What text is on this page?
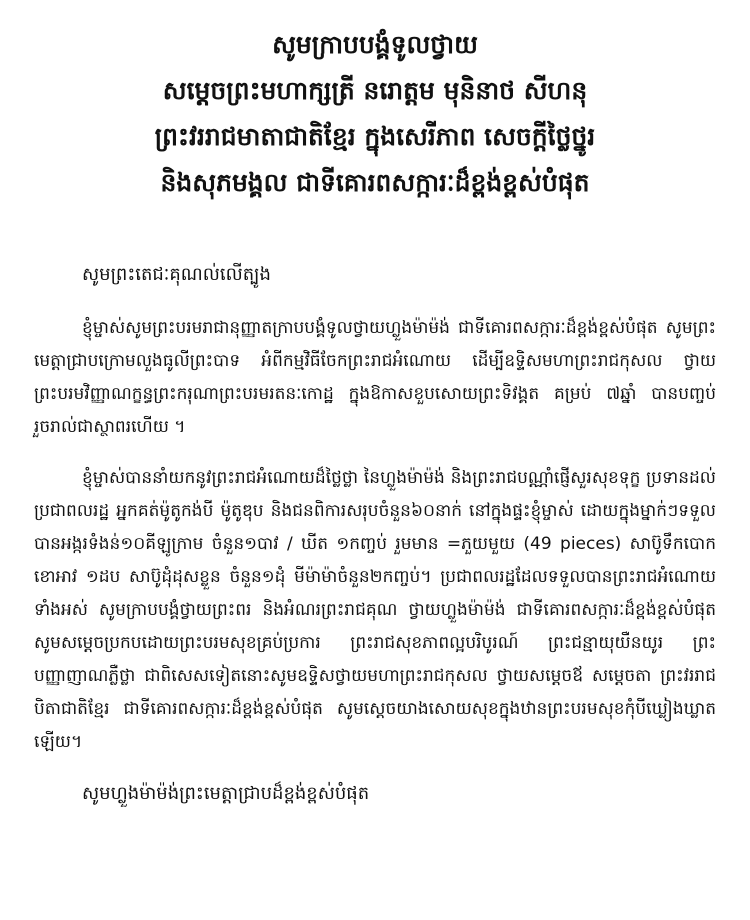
សូមក្រាបបង្គំទូលថ្វាយ
សម្តេចព្រះមហាក្សត្រី នរោត្តម មុនិនាថ សីហនុ
ព្រះវររាជមាតាជាតិខ្មែរ ក្នុងសេរីភាព សេចក្តីថ្លៃថ្នូរ
និងសុភមង្គល ជាទីគោរពសក្ការៈដ៏ខ្ពង់ខ្ពស់បំផុត
សូមព្រះតេជៈគុណល់លើត្បូង
ខ្ញុំម្ចាស់សូមព្រះបរមរាជានុញ្ញាតក្រាបបង្គំទូលថ្វាយហ្លួងម៉ាម៉ង់ ជាទីគោរពសក្ការៈដ៏ខ្ពង់ខ្ពស់បំផុត សូមព្រះមេត្តាជ្រាបក្រោមលួងធូលីព្រះបាទ អំពីកម្មវិធីចែកព្រះរាជអំណោយ ដើម្បីឧទ្ទិសមហាព្រះរាជកុសល ថ្វាយព្រះបរមវិញ្ញាណក្ខន្ធព្រះករុណាព្រះបរមរតនៈកោដ្ឋ ក្នុងឱកាសខួបសោយព្រះទិវង្គត គម្រប់ ៧ឆ្នាំ បានបញ្ចប់រួចរាល់ជាស្ថាពរហើយ ។
ខ្ញុំម្ចាស់បាននាំយកនូវព្រះរាជអំណោយដ៏ថ្លៃថ្លា នៃហ្លួងម៉ាម៉ង់ និងព្រះរាជបណ្ណាំផ្ញើសួរសុខទុក្ខ ប្រទានដល់ប្រជាពលរដ្ឋ អ្នកគត់ម៉ូតូកង់បី ម៉ូតូឌុប និងជនពិការសរុបចំនួន៦០នាក់ នៅក្នុងផ្ទះខ្ញុំម្ចាស់ ដោយក្នុងម្នាក់ៗទទួលបានអង្ករទំងន់១០គីឡូក្រាម ចំនួន១បាវ / ឃីត ១កញ្ចប់ រួមមាន =ភួយមួយ (49 pieces) សាប៊ូទឹកបោកខោអាវ ១ដប សាប៊ូដុំដុសខ្លួន ចំនួន១ដុំ មីម៉ាម៉ាចំនួន២កញ្ចប់។ ប្រជាពលរដ្ឋដែលទទួលបានព្រះរាជអំណោយទាំងអស់ សូមក្រាបបង្គំថ្វាយព្រះពរ និងអំណរព្រះរាជគុណ ថ្វាយហ្លួងម៉ាម៉ង់ ជាទីគោរពសក្ការៈដ៏ខ្ពង់ខ្ពស់បំផុត សូមសម្តេចប្រកបដោយព្រះបរមសុខគ្រប់ប្រការ ព្រះរាជសុខភាពល្អបរិបូរណ៍ ព្រះជន្មាយុយឺនយូរ ព្រះបញ្ញាញាណភ្លឺថ្លា ជាពិសេសទៀតនោះសូមឧទ្ទិសថ្វាយមហាព្រះរាជកុសល ថ្វាយសម្តេចឪ សម្តេចតា ព្រះវររាជបិតាជាតិខ្មែរ ជាទីគោរពសក្ការៈដ៏ខ្ពង់ខ្ពស់បំផុត សូមស្តេចយាងសោយសុខក្នុងឋានព្រះបរមសុខកុំបីឃ្លៀងឃ្លាតឡើយ។
សូមហ្លួងម៉ាម៉ង់ព្រះមេត្តាជ្រាបដ៏ខ្ពង់ខ្ពស់បំផុត
